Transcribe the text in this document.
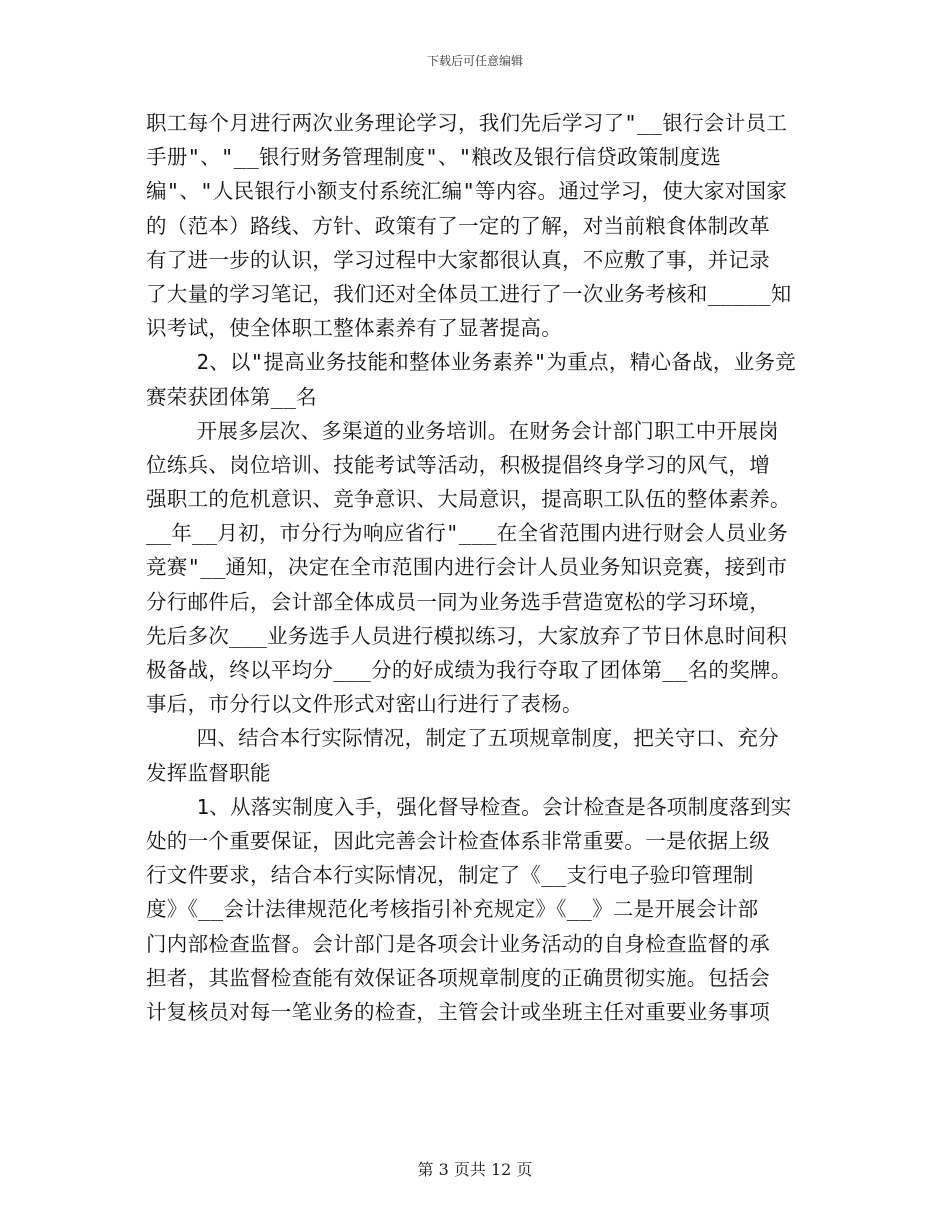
下载后可任意编辑
职工每个月进行两次业务理论学习，我们先后学习了"__银行会计员工
手册"、"__银行财务管理制度"、"粮改及银行信贷政策制度选
编"、"人民银行小额支付系统汇编"等内容。通过学习，使大家对国家
的（范本）路线、方针、政策有了一定的了解，对当前粮食体制改革
有了进一步的认识，学习过程中大家都很认真，不应敷了事，并记录
了大量的学习笔记，我们还对全体员工进行了一次业务考核和_____知
识考试，使全体职工整体素养有了显著提高。
2、以"提高业务技能和整体业务素养"为重点，精心备战，业务竞
赛荣获团体第__名
开展多层次、多渠道的业务培训。在财务会计部门职工中开展岗
位练兵、岗位培训、技能考试等活动，积极提倡终身学习的风气，增
强职工的危机意识、竞争意识、大局意识，提高职工队伍的整体素养。
__年__月初，市分行为响应省行"___在全省范围内进行财会人员业务
竞赛"__通知，决定在全市范围内进行会计人员业务知识竞赛，接到市
分行邮件后，会计部全体成员一同为业务选手营造宽松的学习环境，
先后多次___业务选手人员进行模拟练习，大家放弃了节日休息时间积
极备战，终以平均分___分的好成绩为我行夺取了团体第__名的奖牌。
事后，市分行以文件形式对密山行进行了表杨。
四、结合本行实际情况，制定了五项规章制度，把关守口、充分
发挥监督职能
1、从落实制度入手，强化督导检查。会计检查是各项制度落到实
处的一个重要保证，因此完善会计检查体系非常重要。一是依据上级
行文件要求，结合本行实际情况，制定了《__支行电子验印管理制
度》《__会计法律规范化考核指引补充规定》《__》二是开展会计部
门内部检查监督。会计部门是各项会计业务活动的自身检查监督的承
担者，其监督检查能有效保证各项规章制度的正确贯彻实施。包括会
计复核员对每一笔业务的检查，主管会计或坐班主任对重要业务事项
第 3 页共 12 页
